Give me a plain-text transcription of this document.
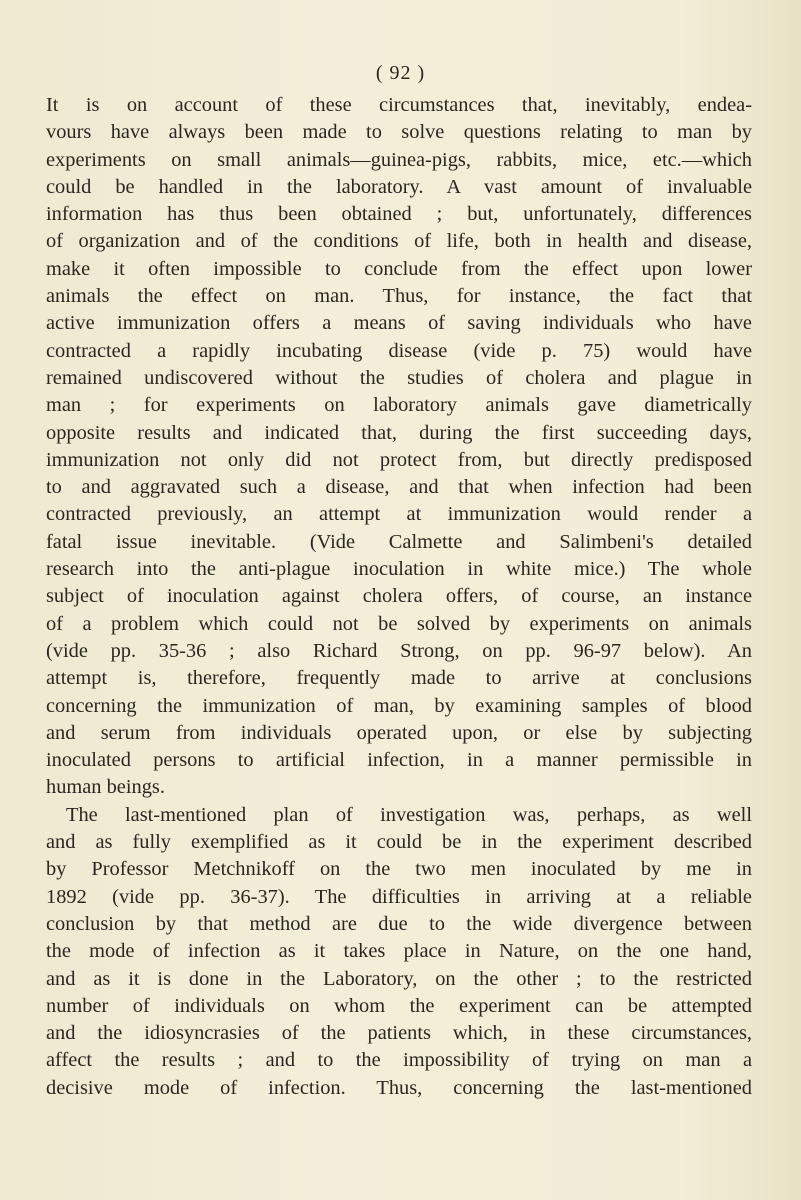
( 92 )
It is on account of these circumstances that, inevitably, endea-
vours have always been made to solve questions relating to man by
experiments on small animals—guinea-pigs, rabbits, mice, etc.—which
could be handled in the laboratory. A vast amount of invaluable
information has thus been obtained ; but, unfortunately, differences
of organization and of the conditions of life, both in health and disease,
make it often impossible to conclude from the effect upon lower
animals the effect on man. Thus, for instance, the fact that
active immunization offers a means of saving individuals who have
contracted a rapidly incubating disease (vide p. 75) would have
remained undiscovered without the studies of cholera and plague in
man ; for experiments on laboratory animals gave diametrically
opposite results and indicated that, during the first succeeding days,
immunization not only did not protect from, but directly predisposed
to and aggravated such a disease, and that when infection had been
contracted previously, an attempt at immunization would render a
fatal issue inevitable. (Vide Calmette and Salimbeni's detailed
research into the anti-plague inoculation in white mice.) The whole
subject of inoculation against cholera offers, of course, an instance
of a problem which could not be solved by experiments on animals
(vide pp. 35-36 ; also Richard Strong, on pp. 96-97 below). An
attempt is, therefore, frequently made to arrive at conclusions
concerning the immunization of man, by examining samples of blood
and serum from individuals operated upon, or else by subjecting
inoculated persons to artificial infection, in a manner permissible in
human beings.
The last-mentioned plan of investigation was, perhaps, as well
and as fully exemplified as it could be in the experiment described
by Professor Metchnikoff on the two men inoculated by me in
1892 (vide pp. 36-37). The difficulties in arriving at a reliable
conclusion by that method are due to the wide divergence between
the mode of infection as it takes place in Nature, on the one hand,
and as it is done in the Laboratory, on the other ; to the restricted
number of individuals on whom the experiment can be attempted
and the idiosyncrasies of the patients which, in these circumstances,
affect the results ; and to the impossibility of trying on man a
decisive mode of infection. Thus, concerning the last-mentioned
